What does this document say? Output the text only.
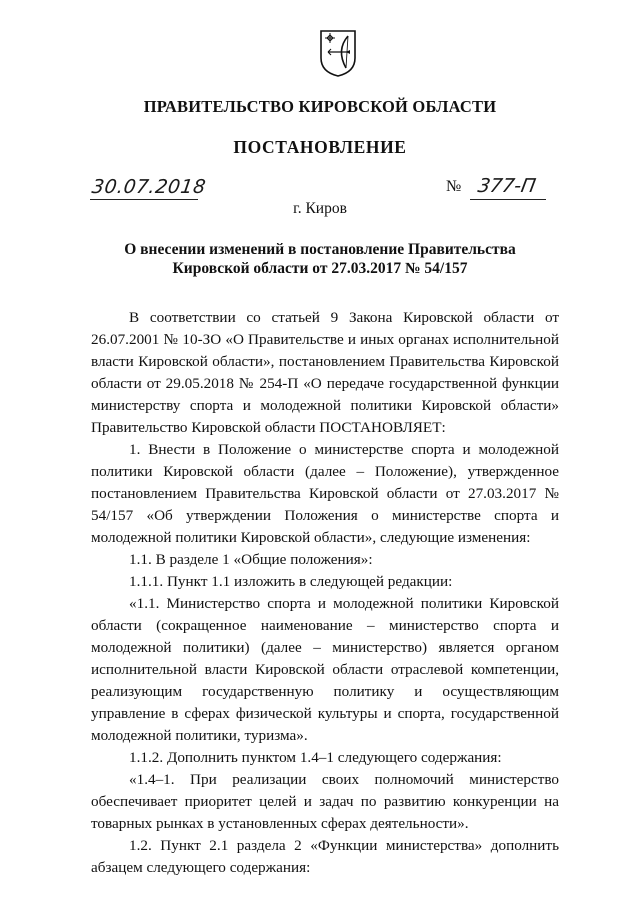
ПРАВИТЕЛЬСТВО КИРОВСКОЙ ОБЛАСТИ
ПОСТАНОВЛЕНИЕ
30.07.2018	№ 377-П
г. Киров
О внесении изменений в постановление Правительства
Кировской области от 27.03.2017 № 54/157

В соответствии со статьей 9 Закона Кировской области от 26.07.2001 № 10-ЗО «О Правительстве и иных органах исполнительной власти Кировской области», постановлением Правительства Кировской области от 29.05.2018 № 254-П «О передаче государственной функции министерству спорта и молодежной политики Кировской области» Правительство Кировской области ПОСТАНОВЛЯЕТ:

1. Внести в Положение о министерстве спорта и молодежной политики Кировской области (далее – Положение), утвержденное постановлением Правительства Кировской области от 27.03.2017 № 54/157 «Об утверждении Положения о министерстве спорта и молодежной политики Кировской области», следующие изменения:

1.1. В разделе 1 «Общие положения»:

1.1.1. Пункт 1.1 изложить в следующей редакции:

«1.1. Министерство спорта и молодежной политики Кировской области (сокращенное наименование – министерство спорта и молодежной политики) (далее – министерство) является органом исполнительной власти Кировской области отраслевой компетенции, реализующим государственную политику и осуществляющим управление в сферах физической культуры и спорта, государственной молодежной политики, туризма».

1.1.2. Дополнить пунктом 1.4–1 следующего содержания:

«1.4–1. При реализации своих полномочий министерство обеспечивает приоритет целей и задач по развитию конкуренции на товарных рынках в установленных сферах деятельности».

1.2. Пункт 2.1 раздела 2 «Функции министерства» дополнить абзацем следующего содержания:
